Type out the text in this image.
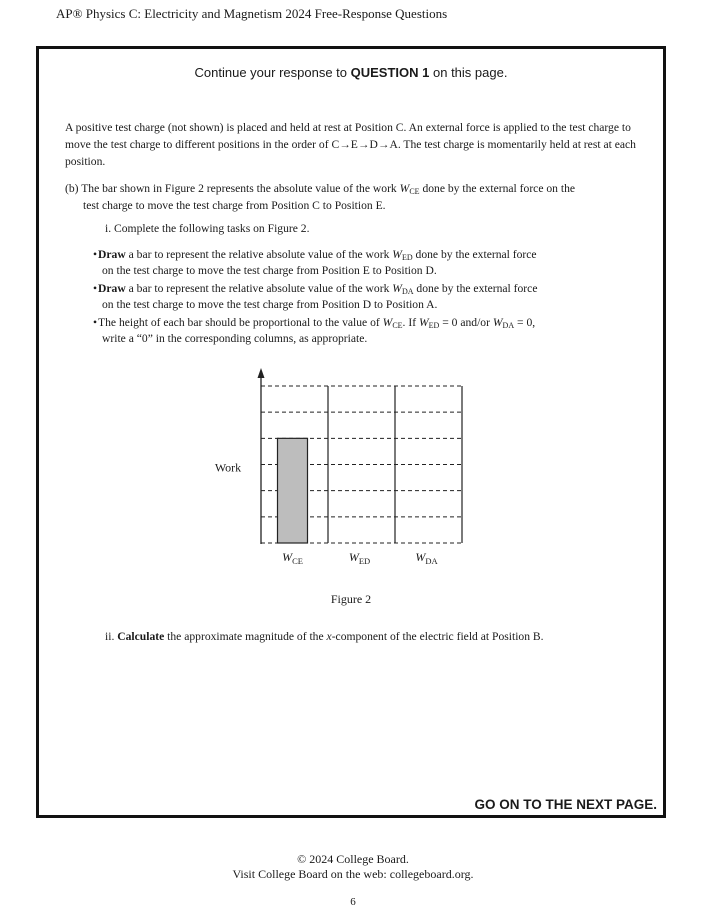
AP® Physics C: Electricity and Magnetism 2024 Free-Response Questions
Continue your response to QUESTION 1 on this page.
A positive test charge (not shown) is placed and held at rest at Position C. An external force is applied to the test charge to move the test charge to different positions in the order of C→E→D→A. The test charge is momentarily held at rest at each position.
(b) The bar shown in Figure 2 represents the absolute value of the work $W_{CE}$ done by the external force on the
test charge to move the test charge from Position C to Position E.
i. Complete the following tasks on Figure 2.
• Draw a bar to represent the relative absolute value of the work $W_{ED}$ done by the external force
on the test charge to move the test charge from Position E to Position D.
• Draw a bar to represent the relative absolute value of the work $W_{DA}$ done by the external force
on the test charge to move the test charge from Position D to Position A.
• The height of each bar should be proportional to the value of $W_{CE}$. If $W_{ED} = 0$ and/or $W_{DA} = 0$,
write a “0” in the corresponding columns, as appropriate.
Work
$W_{CE}$	$W_{ED}$	$W_{DA}$
Figure 2
ii. Calculate the approximate magnitude of the x-component of the electric field at Position B.
GO ON TO THE NEXT PAGE.
© 2024 College Board.
Visit College Board on the web: collegeboard.org.
6
